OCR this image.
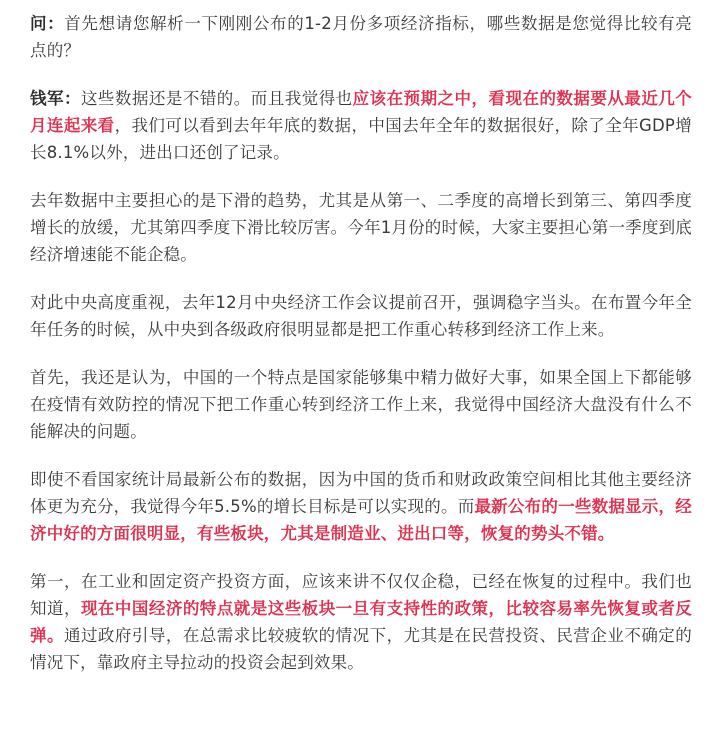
问：首先想请您解析一下刚刚公布的1-2月份多项经济指标，哪些数据是您觉得比较有亮点的？

钱军：这些数据还是不错的。而且我觉得也应该在预期之中，看现在的数据要从最近几个月连起来看，我们可以看到去年年底的数据，中国去年全年的数据很好，除了全年GDP增长8.1%以外，进出口还创了记录。

去年数据中主要担心的是下滑的趋势，尤其是从第一、二季度的高增长到第三、第四季度增长的放缓，尤其第四季度下滑比较厉害。今年1月份的时候，大家主要担心第一季度到底经济增速能不能企稳。

对此中央高度重视，去年12月中央经济工作会议提前召开，强调稳字当头。在布置今年全年任务的时候，从中央到各级政府很明显都是把工作重心转移到经济工作上来。

首先，我还是认为，中国的一个特点是国家能够集中精力做好大事，如果全国上下都能够在疫情有效防控的情况下把工作重心转到经济工作上来，我觉得中国经济大盘没有什么不能解决的问题。

即使不看国家统计局最新公布的数据，因为中国的货币和财政政策空间相比其他主要经济体更为充分，我觉得今年5.5%的增长目标是可以实现的。而最新公布的一些数据显示，经济中好的方面很明显，有些板块，尤其是制造业、进出口等，恢复的势头不错。

第一，在工业和固定资产投资方面，应该来讲不仅仅企稳，已经在恢复的过程中。我们也知道，现在中国经济的特点就是这些板块一旦有支持性的政策，比较容易率先恢复或者反弹。通过政府引导，在总需求比较疲软的情况下，尤其是在民营投资、民营企业不确定的情况下，靠政府主导拉动的投资会起到效果。
